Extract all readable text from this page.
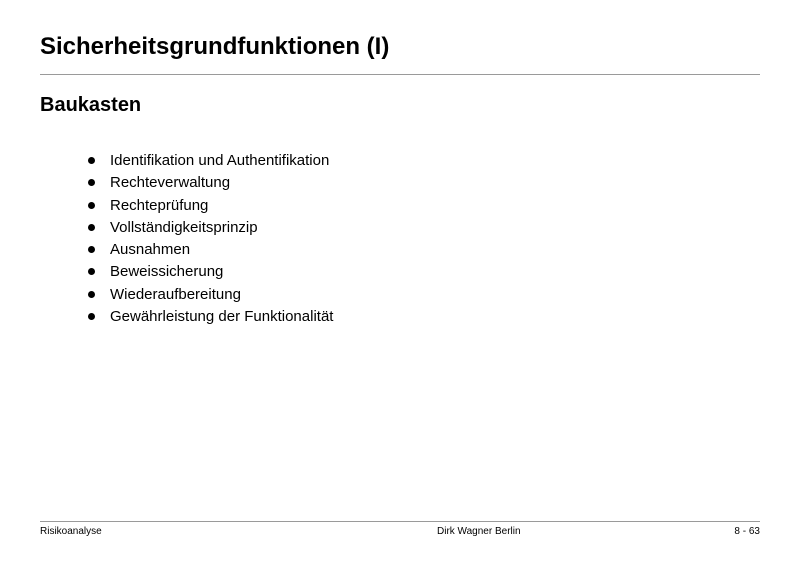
Sicherheitsgrundfunktionen (I)
Baukasten
Identifikation und Authentifikation
Rechteverwaltung
Rechteprüfung
Vollständigkeitsprinzip
Ausnahmen
Beweissicherung
Wiederaufbereitung
Gewährleistung der Funktionalität
Risikoanalyse	Dirk Wagner Berlin	8 - 63
